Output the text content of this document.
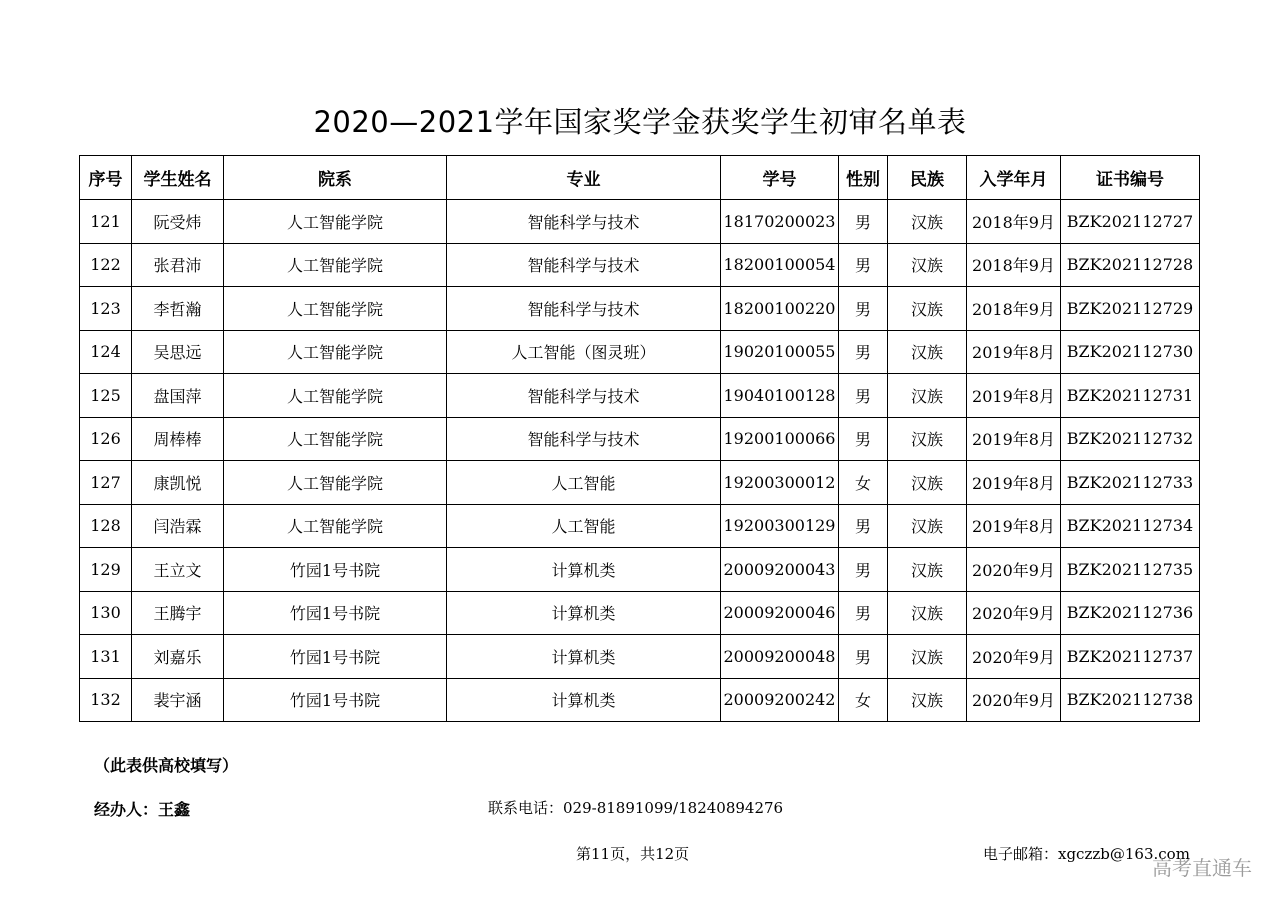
2020—2021学年国家奖学金获奖学生初审名单表
序号	学生姓名	院系	专业	学号	性别	民族	入学年月	证书编号
121	阮受炜	人工智能学院	智能科学与技术	18170200023	男	汉族	2018年9月	BZK202112727
122	张君沛	人工智能学院	智能科学与技术	18200100054	男	汉族	2018年9月	BZK202112728
123	李哲瀚	人工智能学院	智能科学与技术	18200100220	男	汉族	2018年9月	BZK202112729
124	吴思远	人工智能学院	人工智能（图灵班）	19020100055	男	汉族	2019年8月	BZK202112730
125	盘国萍	人工智能学院	智能科学与技术	19040100128	男	汉族	2019年8月	BZK202112731
126	周棒棒	人工智能学院	智能科学与技术	19200100066	男	汉族	2019年8月	BZK202112732
127	康凯悦	人工智能学院	人工智能	19200300012	女	汉族	2019年8月	BZK202112733
128	闫浩霖	人工智能学院	人工智能	19200300129	男	汉族	2019年8月	BZK202112734
129	王立文	竹园1号书院	计算机类	20009200043	男	汉族	2020年9月	BZK202112735
130	王腾宇	竹园1号书院	计算机类	20009200046	男	汉族	2020年9月	BZK202112736
131	刘嘉乐	竹园1号书院	计算机类	20009200048	男	汉族	2020年9月	BZK202112737
132	裴宇涵	竹园1号书院	计算机类	20009200242	女	汉族	2020年9月	BZK202112738
（此表供高校填写）
经办人：王鑫	联系电话：029-81891099/18240894276
第11页，共12页	电子邮箱：xgczzb@163.com
高考直通车
